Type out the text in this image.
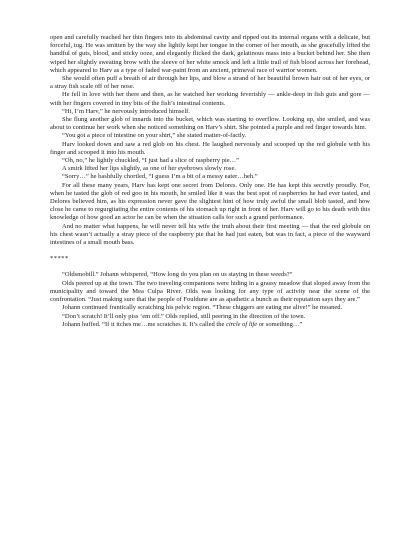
open and carefully reached her thin fingers into its abdominal cavity and ripped out its internal organs with a delicate, but forceful, tug. He was smitten by the way she lightly kept her tongue in the corner of her mouth, as she gracefully lifted the handful of guts, blood, and sticky ooze, and elegantly flicked the dark, gelatinous mass into a bucket behind her. She then wiped her slightly sweating brow with the sleeve of her white smock and left a little trail of fish blood across her forehead, which appeared to Harv as a type of faded war-paint from an ancient, primeval race of warrior women.

She would often puff a breath of air through her lips, and blow a strand of her beautiful brown hair out of her eyes, or a stray fish scale off of her nose.

He fell in love with her there and then, as he watched her working feverishly — ankle-deep in fish guts and gore — with her fingers covered in tiny bits of the fish’s intestinal contents.

“Hi, I’m Harv,” he nervously introduced himself.

She flung another glob of innards into the bucket, which was starting to overflow. Looking up, she smiled, and was about to continue her work when she noticed something on Harv’s shirt. She pointed a purple and red finger towards him.

“You got a piece of intestine on your shirt,” she stated matter-of-factly.

Harv looked down and saw a red glob on his chest. He laughed nervously and scooped up the red globule with his finger and scooped it into his mouth.

“Oh, no,” he lightly chuckled, “I just had a slice of raspberry pie…”

A smirk lifted her lips slightly, as one of her eyebrows slowly rose.

“Sorry…” he bashfully chortled, “I guess I’m a bit of a messy eater…heh.”

For all these many years, Harv has kept one secret from Delores. Only one. He has kept this secretly proudly. For, when he tasted the glob of red goo in his mouth, he smiled like it was the best spot of raspberries he had ever tasted, and Delores believed him, as his expression never gave the slightest hint of how truly awful the small blob tasted, and how close he came to regurgitating the entire contents of his stomach up right in front of her. Harv will go to his death with this knowledge of how good an actor he can be when the situation calls for such a grand performance.

And no matter what happens, he will never tell his wife the truth about their first meeting — that the red globule on his chest wasn’t actually a stray piece of the raspberry pie that he had just eaten, but was in fact, a piece of the wayward intestines of a small mouth bass.

*****

“Oldsmobill.” Johann whispered, “How long do you plan on us staying in these weeds?”

Olds peered up at the town. The two traveling companions were hiding in a grassy meadow that sloped away from the municipality and toward the Mea Culpa River. Olds was looking for any type of activity near the scene of the confrontation. “Just making sure that the people of Fouldune are as apathetic a bunch as their reputation says they are.”

Johann continued frantically scratching his pelvic region. “These chiggers are eating me alive!” he moaned.

“Don’t scratch! It’ll only piss ’em off.” Olds replied, still peering in the direction of the town.

Johann huffed. “If it itches me…me scratches it. It’s called the circle of life or something…”
